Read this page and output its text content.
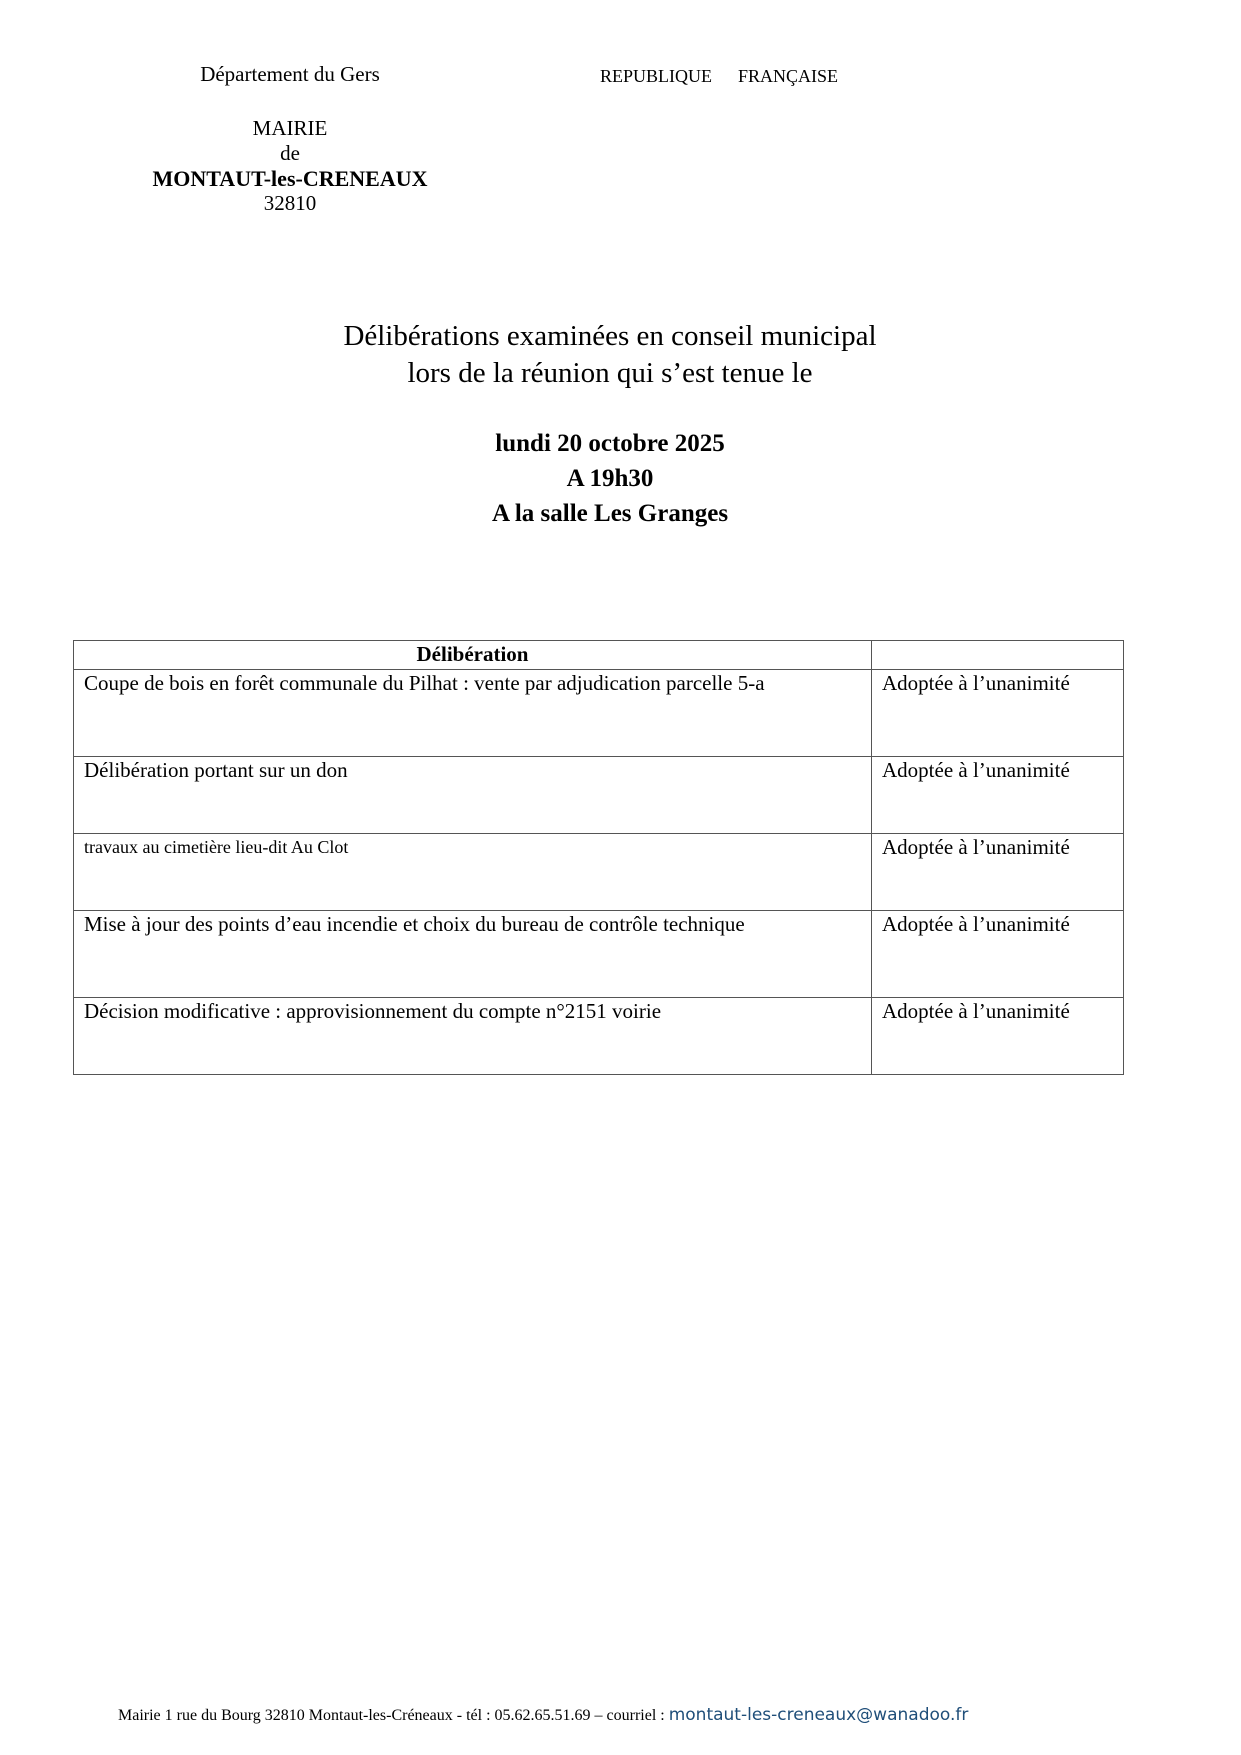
Département du Gers	REPUBLIQUE FRANÇAISE
MAIRIE
de
MONTAUT-les-CRENEAUX
32810
Délibérations examinées en conseil municipal
lors de la réunion qui s’est tenue le
lundi 20 octobre 2025
A 19h30
A la salle Les Granges
Délibération	
Coupe de bois en forêt communale du Pilhat : vente par adjudication parcelle 5-a	Adoptée à l’unanimité
Délibération portant sur un don	Adoptée à l’unanimité
travaux au cimetière lieu-dit Au Clot	Adoptée à l’unanimité
Mise à jour des points d’eau incendie et choix du bureau de contrôle technique	Adoptée à l’unanimité
Décision modificative : approvisionnement du compte n°2151 voirie	Adoptée à l’unanimité
Mairie 1 rue du Bourg 32810 Montaut-les-Créneaux - tél : 05.62.65.51.69 – courriel : montaut-les-creneaux@wanadoo.fr
